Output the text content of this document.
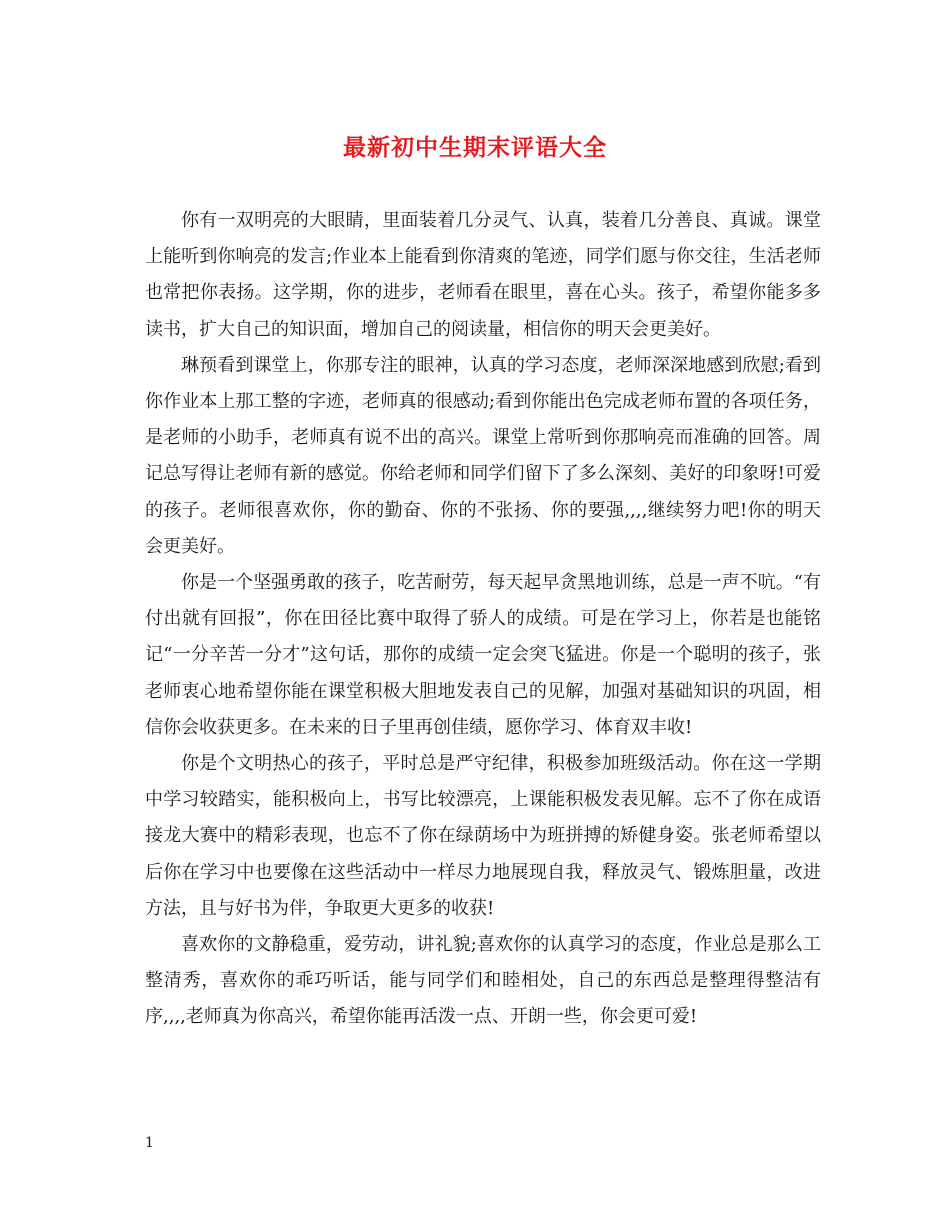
最新初中生期末评语大全

你有一双明亮的大眼睛，里面装着几分灵气、认真，装着几分善良、真诚。课堂上能听到你响亮的发言;作业本上能看到你清爽的笔迹，同学们愿与你交往，生活老师也常把你表扬。这学期，你的进步，老师看在眼里，喜在心头。孩子，希望你能多多读书，扩大自己的知识面，增加自己的阅读量，相信你的明天会更美好。

琳预看到课堂上，你那专注的眼神，认真的学习态度，老师深深地感到欣慰;看到你作业本上那工整的字迹，老师真的很感动;看到你能出色完成老师布置的各项任务，是老师的小助手，老师真有说不出的高兴。课堂上常听到你那响亮而准确的回答。周记总写得让老师有新的感觉。你给老师和同学们留下了多么深刻、美好的印象呀!可爱的孩子。老师很喜欢你，你的勤奋、你的不张扬、你的要强,,,,继续努力吧!你的明天会更美好。

你是一个坚强勇敢的孩子，吃苦耐劳，每天起早贪黑地训练，总是一声不吭。“有付出就有回报”，你在田径比赛中取得了骄人的成绩。可是在学习上，你若是也能铭记“一分辛苦一分才”这句话，那你的成绩一定会突飞猛进。你是一个聪明的孩子，张老师衷心地希望你能在课堂积极大胆地发表自己的见解，加强对基础知识的巩固，相信你会收获更多。在未来的日子里再创佳绩，愿你学习、体育双丰收!

你是个文明热心的孩子，平时总是严守纪律，积极参加班级活动。你在这一学期中学习较踏实，能积极向上，书写比较漂亮，上课能积极发表见解。忘不了你在成语接龙大赛中的精彩表现，也忘不了你在绿荫场中为班拼搏的矫健身姿。张老师希望以后你在学习中也要像在这些活动中一样尽力地展现自我，释放灵气、锻炼胆量，改进方法，且与好书为伴，争取更大更多的收获!

喜欢你的文静稳重，爱劳动，讲礼貌;喜欢你的认真学习的态度，作业总是那么工整清秀，喜欢你的乖巧听话，能与同学们和睦相处，自己的东西总是整理得整洁有序,,,,老师真为你高兴，希望你能再活泼一点、开朗一些，你会更可爱!

1
